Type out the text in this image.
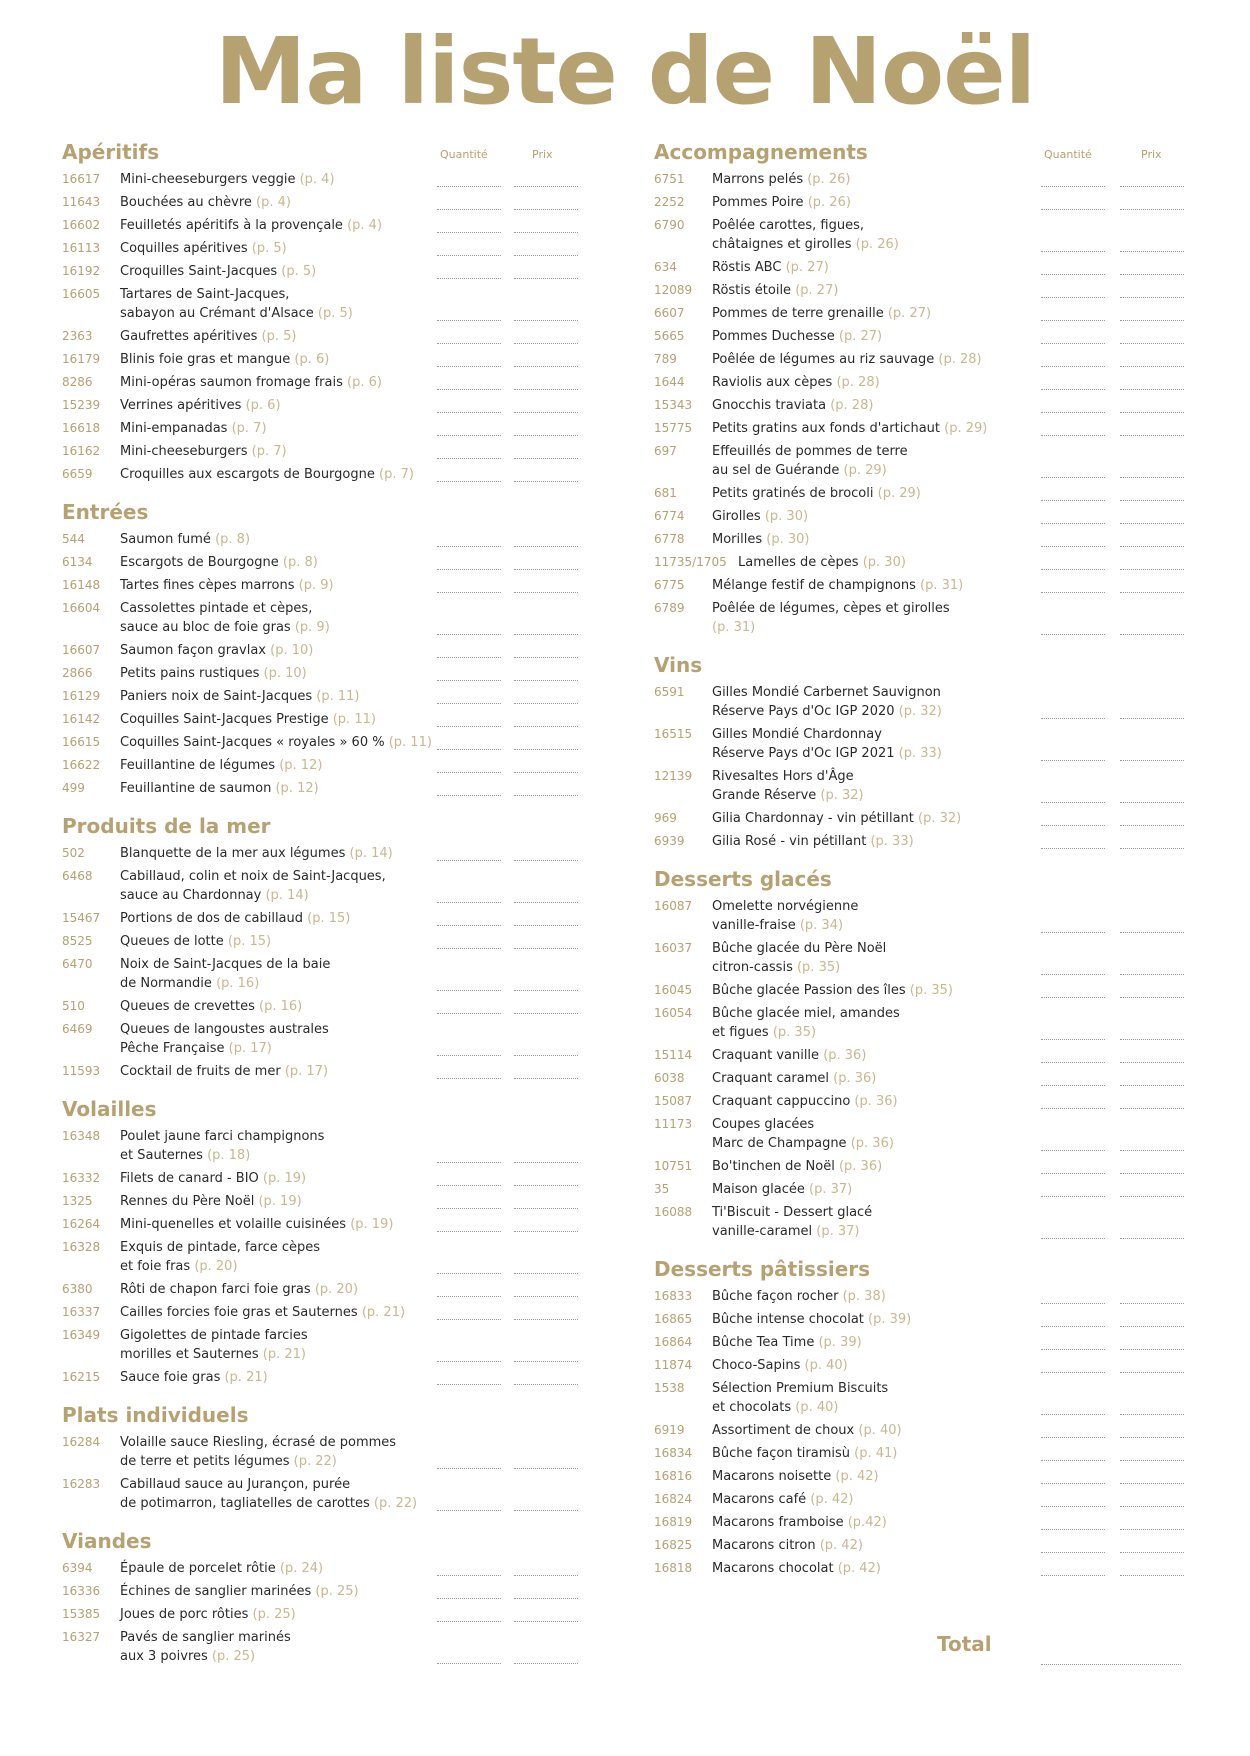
Ma liste de Noël
Apéritifs	Quantité	Prix
16617 Mini-cheeseburgers veggie (p. 4)
11643 Bouchées au chèvre (p. 4)
16602 Feuilletés apéritifs à la provençale (p. 4)
16113 Coquilles apéritives (p. 5)
16192 Croquilles Saint-Jacques (p. 5)
16605 Tartares de Saint-Jacques,
sabayon au Crémant d'Alsace (p. 5)
2363 Gaufrettes apéritives (p. 5)
16179 Blinis foie gras et mangue (p. 6)
8286 Mini-opéras saumon fromage frais (p. 6)
15239 Verrines apéritives (p. 6)
16618 Mini-empanadas (p. 7)
16162 Mini-cheeseburgers (p. 7)
6659 Croquilles aux escargots de Bourgogne (p. 7)
Entrées
544	Saumon fumé (p. 8)
6134 Escargots de Bourgogne (p. 8)
16148 Tartes fines cèpes marrons (p. 9)
16604 Cassolettes pintade et cèpes,
sauce au bloc de foie gras (p. 9)
16607 Saumon façon gravlax (p. 10)
2866 Petits pains rustiques (p. 10)
16129 Paniers noix de Saint-Jacques (p. 11)
16142 Coquilles Saint-Jacques Prestige (p. 11)
16615 Coquilles Saint-Jacques « royales » 60 % (p. 11)
16622 Feuillantine de légumes (p. 12)
499	Feuillantine de saumon (p. 12)
Produits de la mer
502	Blanquette de la mer aux légumes (p. 14)
6468 Cabillaud, colin et noix de Saint-Jacques,
sauce au Chardonnay (p. 14)
15467 Portions de dos de cabillaud (p. 15)
8525 Queues de lotte (p. 15)
6470 Noix de Saint-Jacques de la baie
de Normandie (p. 16)
510	Queues de crevettes (p. 16)
6469 Queues de langoustes australes
Pêche Française (p. 17)
11593 Cocktail de fruits de mer (p. 17)
Volailles
16348 Poulet jaune farci champignons
et Sauternes (p. 18)
16332 Filets de canard - BIO (p. 19)
1325 Rennes du Père Noël (p. 19)
16264 Mini-quenelles et volaille cuisinées (p. 19)
16328 Exquis de pintade, farce cèpes
et foie fras (p. 20)
6380 Rôti de chapon farci foie gras (p. 20)
16337 Cailles forcies foie gras et Sauternes (p. 21)
16349 Gigolettes de pintade farcies
morilles et Sauternes (p. 21)
16215 Sauce foie gras (p. 21)
Plats individuels
16284 Volaille sauce Riesling, écrasé de pommes
de terre et petits légumes (p. 22)
16283 Cabillaud sauce au Jurançon, purée
de potimarron, tagliatelles de carottes (p. 22)
Viandes
6394 Épaule de porcelet rôtie (p. 24)
16336 Échines de sanglier marinées (p. 25)
15385 Joues de porc rôties (p. 25)
16327 Pavés de sanglier marinés
aux 3 poivres (p. 25)
Accompagnements	Quantité	Prix
6751 Marrons pelés (p. 26)
2252 Pommes Poire (p. 26)
6790 Poêlée carottes, figues,
châtaignes et girolles (p. 26)
634	Röstis ABC (p. 27)
12089 Röstis étoile (p. 27)
6607 Pommes de terre grenaille (p. 27)
5665 Pommes Duchesse (p. 27)
789	Poêlée de légumes au riz sauvage (p. 28)
1644 Raviolis aux cèpes (p. 28)
15343 Gnocchis traviata (p. 28)
15775 Petits gratins aux fonds d'artichaut (p. 29)
697	Effeuillés de pommes de terre
au sel de Guérande (p. 29)
681	Petits gratinés de brocoli (p. 29)
6774 Girolles (p. 30)
6778 Morilles (p. 30)
11735/1705 Lamelles de cèpes (p. 30)
6775 Mélange festif de champignons (p. 31)
6789 Poêlée de légumes, cèpes et girolles
(p. 31)
Vins
6591 Gilles Mondié Carbernet Sauvignon
Réserve Pays d'Oc IGP 2020 (p. 32)
16515 Gilles Mondié Chardonnay
Réserve Pays d'Oc IGP 2021 (p. 33)
12139 Rivesaltes Hors d'Âge
Grande Réserve (p. 32)
969	Gilia Chardonnay - vin pétillant (p. 32)
6939 Gilia Rosé - vin pétillant (p. 33)
Desserts glacés
16087 Omelette norvégienne
vanille-fraise (p. 34)
16037 Bûche glacée du Père Noël
citron-cassis (p. 35)
16045 Bûche glacée Passion des îles (p. 35)
16054 Bûche glacée miel, amandes
et figues (p. 35)
15114 Craquant vanille (p. 36)
6038 Craquant caramel (p. 36)
15087 Craquant cappuccino (p. 36)
11173 Coupes glacées
Marc de Champagne (p. 36)
10751 Bo'tinchen de Noël (p. 36)
35	Maison glacée (p. 37)
16088 Ti'Biscuit - Dessert glacé
vanille-caramel (p. 37)
Desserts pâtissiers
16833 Bûche façon rocher (p. 38)
16865 Bûche intense chocolat (p. 39)
16864 Bûche Tea Time (p. 39)
11874 Choco-Sapins (p. 40)
1538 Sélection Premium Biscuits
et chocolats (p. 40)
6919 Assortiment de choux (p. 40)
16834 Bûche façon tiramisù (p. 41)
16816 Macarons noisette (p. 42)
16824 Macarons café (p. 42)
16819 Macarons framboise (p.42)
16825 Macarons citron (p. 42)
16818 Macarons chocolat (p. 42)
Total
